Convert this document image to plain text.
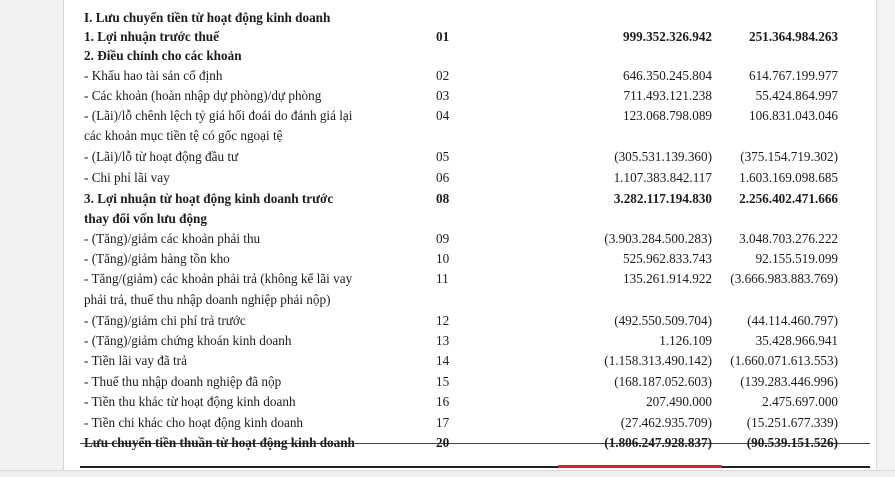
I. Lưu chuyển tiền từ hoạt động kinh doanh
1. Lợi nhuận trước thuế	01	999.352.326.942	251.364.984.263
2. Điều chỉnh cho các khoản
- Khấu hao tài sản cố định	02	646.350.245.804	614.767.199.977
- Các khoản (hoàn nhập dự phòng)/dự phòng	03	711.493.121.238	55.424.864.997
- (Lãi)/lỗ chênh lệch tỷ giá hối đoái do đánh giá lại	04	123.068.798.089	106.831.043.046
các khoản mục tiền tệ có gốc ngoại tệ
- (Lãi)/lỗ từ hoạt động đầu tư	05	(305.531.139.360) (375.154.719.302)
- Chi phí lãi vay	06	1.107.383.842.117 1.603.169.098.685
3. Lợi nhuận từ hoạt động kinh doanh trước	08	3.282.117.194.830 2.256.402.471.666
thay đổi vốn lưu động
- (Tăng)/giảm các khoản phải thu	09	(3.903.284.500.283) 3.048.703.276.222
- (Tăng)/giảm hàng tồn kho	10	525.962.833.743	92.155.519.099
- Tăng/(giảm) các khoản phải trả (không kể lãi vay	11	135.261.914.922 (3.666.983.883.769)
phải trả, thuế thu nhập doanh nghiệp phải nộp)
- (Tăng)/giảm chi phí trả trước	12	(492.550.509.704)	(44.114.460.797)
- (Tăng)/giảm chứng khoán kinh doanh	13	1.126.109	35.428.966.941
- Tiền lãi vay đã trả	14	(1.158.313.490.142) (1.660.071.613.553)
- Thuế thu nhập doanh nghiệp đã nộp	15	(168.187.052.603) (139.283.446.996)
- Tiền thu khác từ hoạt động kinh doanh	16	207.490.000	2.475.697.000
- Tiền chi khác cho hoạt động kinh doanh	17	(27.462.935.709)	(15.251.677.339)
Lưu chuyển tiền thuần từ hoạt động kinh doanh	20	(1.806.247.928.837)	(90.539.151.526)
